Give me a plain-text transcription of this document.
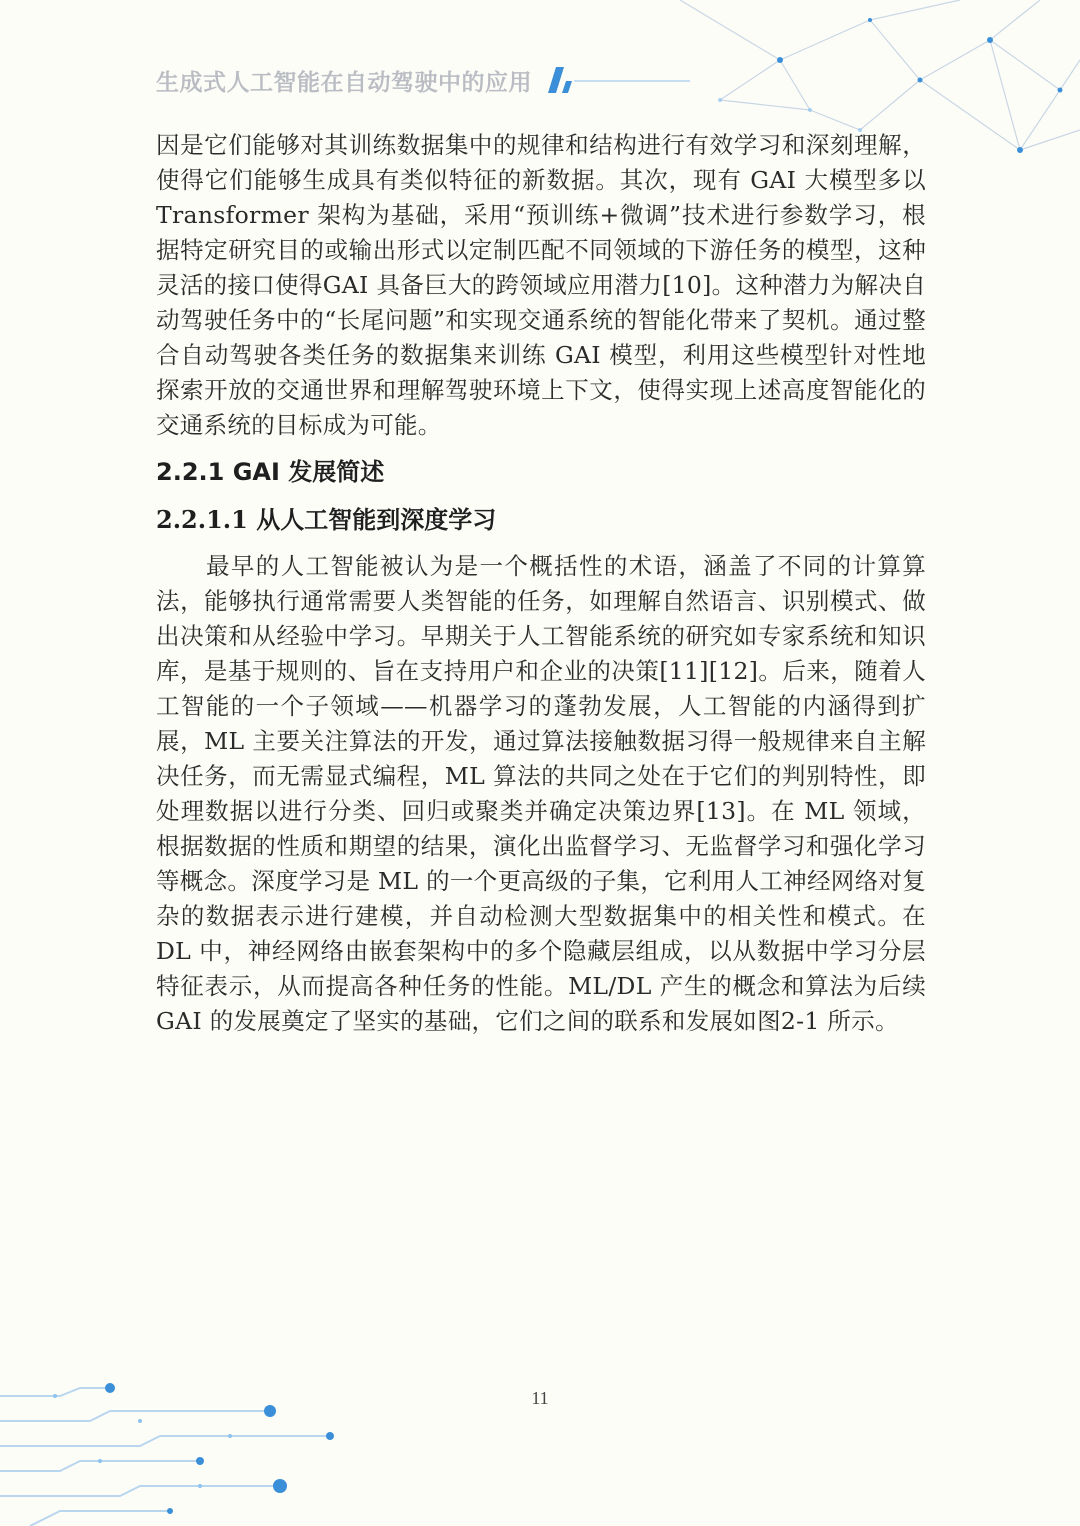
生成式人工智能在自动驾驶中的应用

因是它们能够对其训练数据集中的规律和结构进行有效学习和深刻理解，使得它们能够生成具有类似特征的新数据。其次，现有 GAI 大模型多以Transformer 架构为基础，采用“预训练+微调”技术进行参数学习，根据特定研究目的或输出形式以定制匹配不同领域的下游任务的模型，这种灵活的接口使得GAI 具备巨大的跨领域应用潜力[10]。这种潜力为解决自动驾驶任务中的“长尾问题”和实现交通系统的智能化带来了契机。通过整合自动驾驶各类任务的数据集来训练 GAI 模型，利用这些模型针对性地探索开放的交通世界和理解驾驶环境上下文，使得实现上述高度智能化的交通系统的目标成为可能。

2.2.1 GAI 发展简述
2.2.1.1 从人工智能到深度学习

最早的人工智能被认为是一个概括性的术语，涵盖了不同的计算算法，能够执行通常需要人类智能的任务，如理解自然语言、识别模式、做出决策和从经验中学习。早期关于人工智能系统的研究如专家系统和知识库，是基于规则的、旨在支持用户和企业的决策[11][12]。后来，随着人工智能的一个子领域——机器学习的蓬勃发展，人工智能的内涵得到扩展，ML 主要关注算法的开发，通过算法接触数据习得一般规律来自主解决任务，而无需显式编程，ML 算法的共同之处在于它们的判别特性，即处理数据以进行分类、回归或聚类并确定决策边界[13]。在 ML 领域，根据数据的性质和期望的结果，演化出监督学习、无监督学习和强化学习等概念。深度学习是 ML 的一个更高级的子集，它利用人工神经网络对复杂的数据表示进行建模，并自动检测大型数据集中的相关性和模式。在 DL 中，神经网络由嵌套架构中的多个隐藏层组成，以从数据中学习分层特征表示，从而提高各种任务的性能。ML/DL 产生的概念和算法为后续 GAI 的发展奠定了坚实的基础，它们之间的联系和发展如图2-1 所示。

11
